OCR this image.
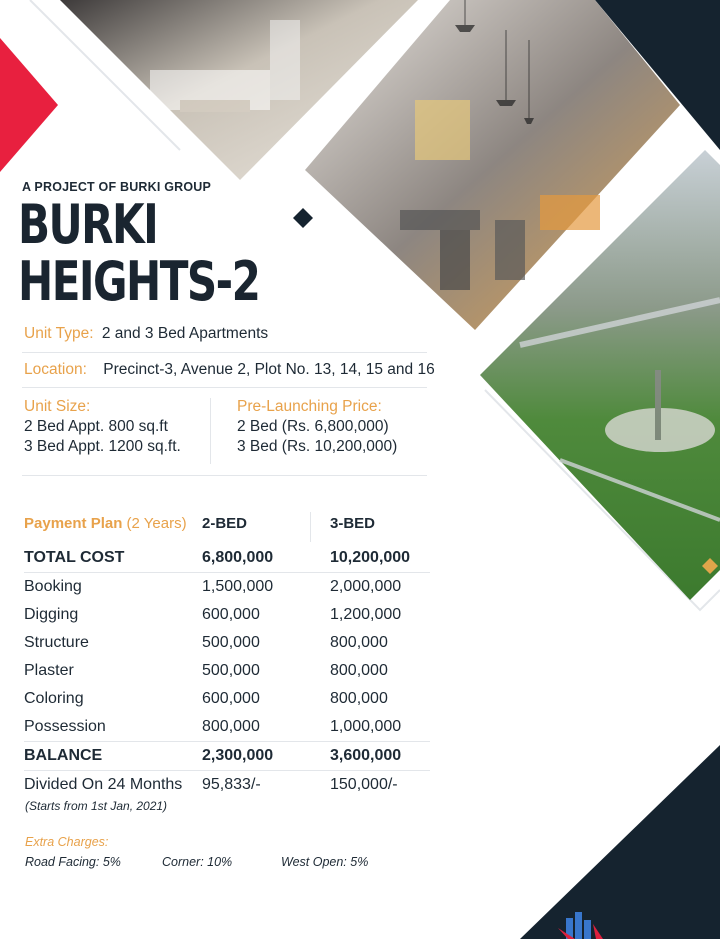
A PROJECT OF BURKI GROUP
BURKI
HEIGHTS-2
Unit Type: 2 and 3 Bed Apartments
Location: Precinct-3, Avenue 2, Plot No. 13, 14, 15 and 16
Unit Size:
2 Bed Appt. 800 sq.ft
3 Bed Appt. 1200 sq.ft.
Pre-Launching Price:
2 Bed (Rs. 6,800,000)
3 Bed (Rs. 10,200,000)
Payment Plan (2 Years)	2-BED	3-BED

TOTAL COST	6,800,000	10,200,000
Booking	1,500,000	2,000,000
Digging	600,000	1,200,000
Structure	500,000	800,000
Plaster	500,000	800,000
Coloring	600,000	800,000
Possession	800,000	1,000,000
BALANCE	2,300,000	3,600,000
Divided On 24 Months	95,833/-	150,000/-
(Starts from 1st Jan, 2021)
Extra Charges:
Road Facing: 5%	Corner: 10%	West Open: 5%
